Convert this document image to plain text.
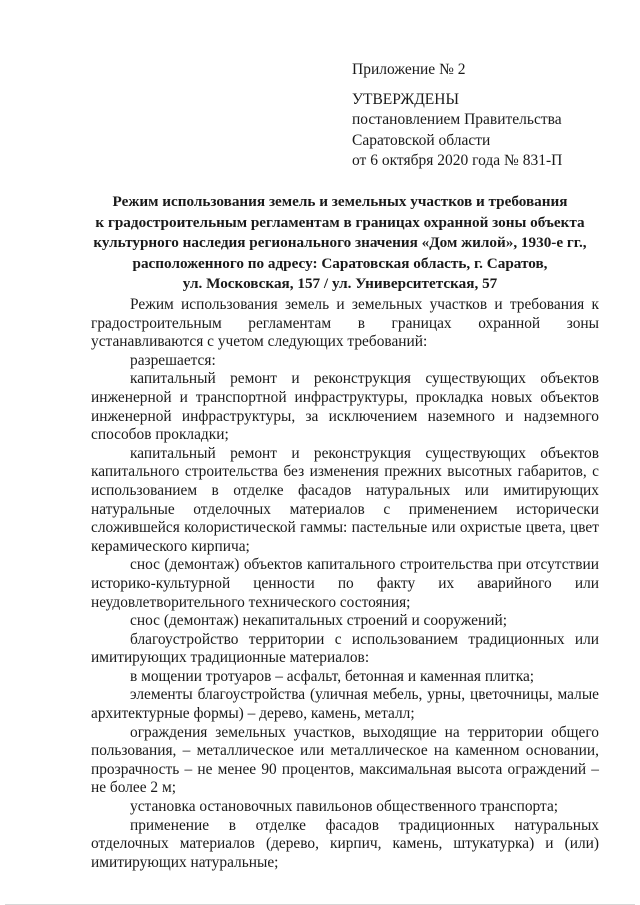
Приложение № 2
УТВЕРЖДЕНЫ
постановлением Правительства
Саратовской области
от 6 октября 2020 года № 831-П
Режим использования земель и земельных участков и требования
к градостроительным регламентам в границах охранной зоны объекта
культурного наследия регионального значения «Дом жилой», 1930-е гг.,
расположенного по адресу: Саратовская область, г. Саратов,
ул. Московская, 157 / ул. Университетская, 57

Режим использования земель и земельных участков и требования к градостроительным регламентам в границах охранной зоны устанавливаются с учетом следующих требований:

разрешается:

капитальный ремонт и реконструкция существующих объектов инженерной и транспортной инфраструктуры, прокладка новых объектов инженерной инфраструктуры, за исключением наземного и надземного способов прокладки;

капитальный ремонт и реконструкция существующих объектов капитального строительства без изменения прежних высотных габаритов, с использованием в отделке фасадов натуральных или имитирующих натуральные отделочных материалов с применением исторически сложившейся колористической гаммы: пастельные или охристые цвета, цвет керамического кирпича;

снос (демонтаж) объектов капитального строительства при отсутствии историко-культурной ценности по факту их аварийного или неудовлетворительного технического состояния;

снос (демонтаж) некапитальных строений и сооружений;

благоустройство территории с использованием традиционных или имитирующих традиционные материалов:

в мощении тротуаров – асфальт, бетонная и каменная плитка;

элементы благоустройства (уличная мебель, урны, цветочницы, малые архитектурные формы) – дерево, камень, металл;

ограждения земельных участков, выходящие на территории общего пользования, – металлическое или металлическое на каменном основании, прозрачность – не менее 90 процентов, максимальная высота ограждений – не более 2 м;

установка остановочных павильонов общественного транспорта;

применение в отделке фасадов традиционных натуральных отделочных материалов (дерево, кирпич, камень, штукатурка) и (или) имитирующих натуральные;
